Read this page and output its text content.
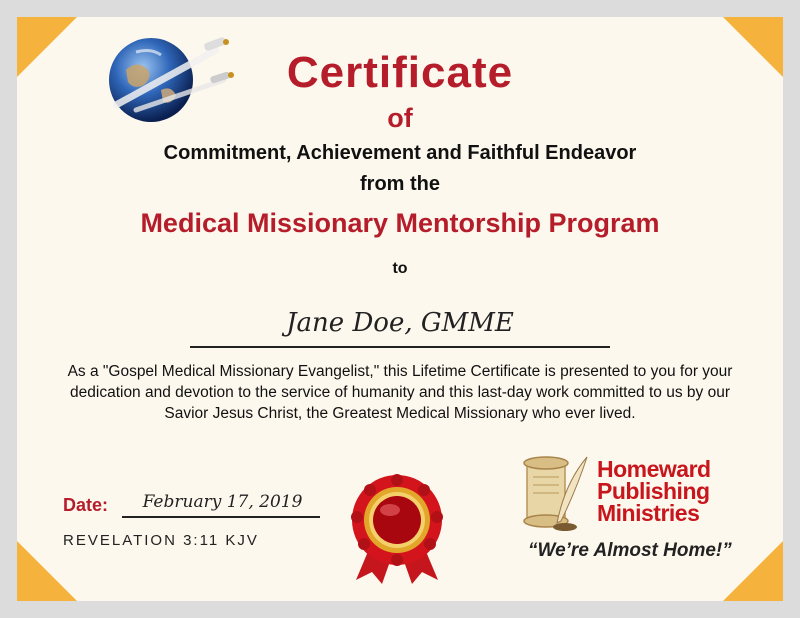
Certificate
of
Commitment, Achievement and Faithful Endeavor
from the
Medical Missionary Mentorship Program
to
Jane Doe, GMME
As a "Gospel Medical Missionary Evangelist," this Lifetime Certificate is presented to you for your dedication and devotion to the service of humanity and this last-day work committed to us by our Savior Jesus Christ, the Greatest Medical Missionary who ever lived.
Date:	February 17, 2019
REVELATION 3:11 KJV
Homeward
Publishing
Ministries
“We’re Almost Home!”
